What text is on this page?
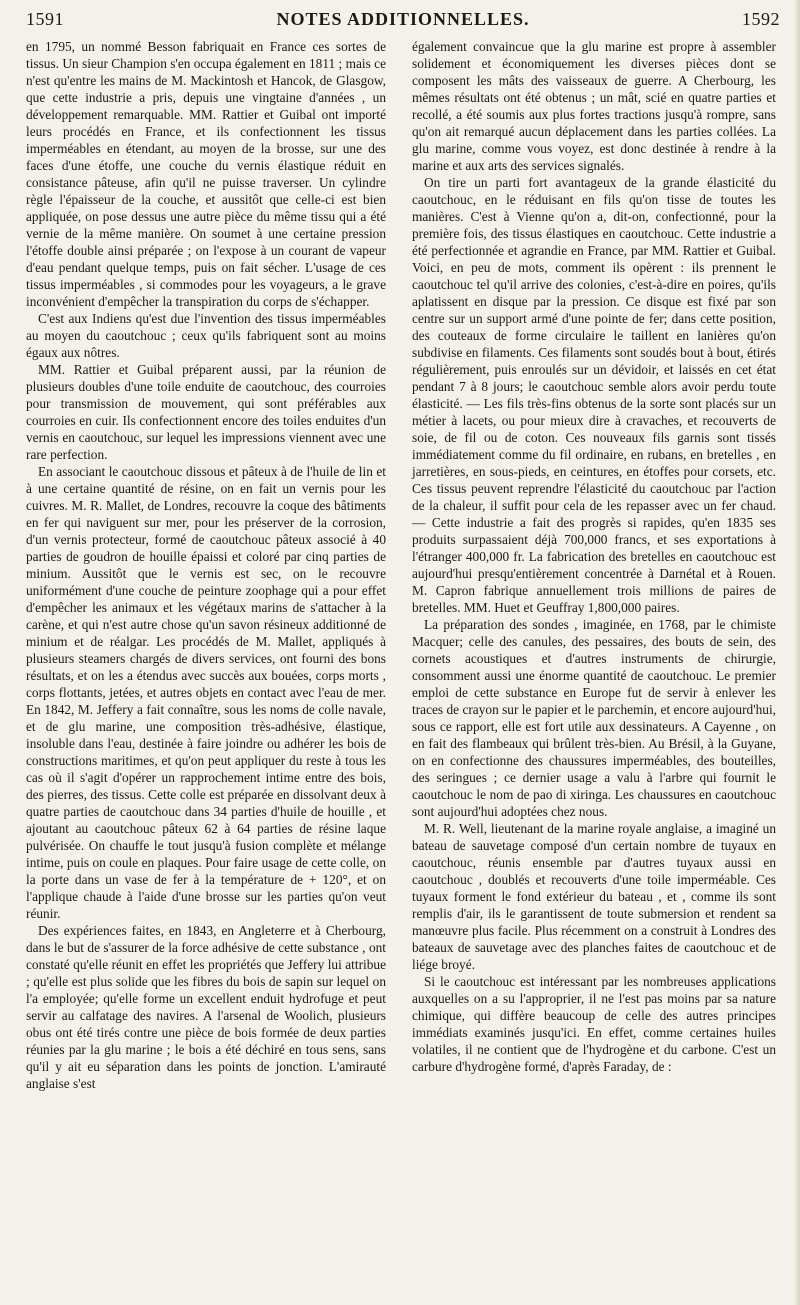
1591	NOTES ADDITIONNELLES.	1592

en 1795, un nommé Besson fabriquait en France ces sortes de tissus. Un sieur Champion s'en occupa également en 1811 ; mais ce n'est qu'entre les mains de M. Mackintosh et Hancok, de Glasgow, que cette industrie a pris, depuis une vingtaine d'années , un développement remarquable. MM. Rattier et Guibal ont importé leurs procédés en France, et ils confectionnent les tissus imperméables en étendant, au moyen de la brosse, sur une des faces d'une étoffe, une couche du vernis élastique réduit en consistance pâteuse, afin qu'il ne puisse traverser. Un cylindre règle l'épaisseur de la couche, et aussitôt que celle-ci est bien appliquée, on pose dessus une autre pièce du même tissu qui a été vernie de la même manière. On soumet à une certaine pression l'étoffe double ainsi préparée ; on l'expose à un courant de vapeur d'eau pendant quelque temps, puis on fait sécher. L'usage de ces tissus imperméables , si commodes pour les voyageurs, a le grave inconvénient d'empêcher la transpiration du corps de s'échapper.

C'est aux Indiens qu'est due l'invention des tissus imperméables au moyen du caoutchouc ; ceux qu'ils fabriquent sont au moins égaux aux nôtres.

MM. Rattier et Guibal préparent aussi, par la réunion de plusieurs doubles d'une toile enduite de caoutchouc, des courroies pour transmission de mouvement, qui sont préférables aux courroies en cuir. Ils confectionnent encore des toiles enduites d'un vernis en caoutchouc, sur lequel les impressions viennent avec une rare perfection.

En associant le caoutchouc dissous et pâteux à de l'huile de lin et à une certaine quantité de résine, on en fait un vernis pour les cuivres. M. R. Mallet, de Londres, recouvre la coque des bâtiments en fer qui naviguent sur mer, pour les préserver de la corrosion, d'un vernis protecteur, formé de caoutchouc pâteux associé à 40 parties de goudron de houille épaissi et coloré par cinq parties de minium. Aussitôt que le vernis est sec, on le recouvre uniformément d'une couche de peinture zoophage qui a pour effet d'empêcher les animaux et les végétaux marins de s'attacher à la carène, et qui n'est autre chose qu'un savon résineux additionné de minium et de réalgar. Les procédés de M. Mallet, appliqués à plusieurs steamers chargés de divers services, ont fourni des bons résultats, et on les a étendus avec succès aux bouées, corps morts , corps flottants, jetées, et autres objets en contact avec l'eau de mer. En 1842, M. Jeffery a fait connaître, sous les noms de colle navale, et de glu marine, une composition très-adhésive, élastique, insoluble dans l'eau, destinée à faire joindre ou adhérer les bois de constructions maritimes, et qu'on peut appliquer du reste à tous les cas où il s'agit d'opérer un rapprochement intime entre des bois, des pierres, des tissus. Cette colle est préparée en dissolvant deux à quatre parties de caoutchouc dans 34 parties d'huile de houille , et ajoutant au caoutchouc pâteux 62 à 64 parties de résine laque pulvérisée. On chauffe le tout jusqu'à fusion complète et mélange intime, puis on coule en plaques. Pour faire usage de cette colle, on la porte dans un vase de fer à la température de + 120°, et on l'applique chaude à l'aide d'une brosse sur les parties qu'on veut réunir.

Des expériences faites, en 1843, en Angleterre et à Cherbourg, dans le but de s'assurer de la force adhésive de cette substance , ont constaté qu'elle réunit en effet les propriétés que Jeffery lui attribue ; qu'elle est plus solide que les fibres du bois de sapin sur lequel on l'a employée; qu'elle forme un excellent enduit hydrofuge et peut servir au calfatage des navires. A l'arsenal de Woolich, plusieurs obus ont été tirés contre une pièce de bois formée de deux parties réunies par la glu marine ; le bois a été déchiré en tous sens, sans qu'il y ait eu séparation dans les points de jonction. L'amirauté anglaise s'est

également convaincue que la glu marine est propre à assembler solidement et économiquement les diverses pièces dont se composent les mâts des vaisseaux de guerre. A Cherbourg, les mêmes résultats ont été obtenus ; un mât, scié en quatre parties et recollé, a été soumis aux plus fortes tractions jusqu'à rompre, sans qu'on ait remarqué aucun déplacement dans les parties collées. La glu marine, comme vous voyez, est donc destinée à rendre à la marine et aux arts des services signalés.

On tire un parti fort avantageux de la grande élasticité du caoutchouc, en le réduisant en fils qu'on tisse de toutes les manières. C'est à Vienne qu'on a, dit-on, confectionné, pour la première fois, des tissus élastiques en caoutchouc. Cette industrie a été perfectionnée et agrandie en France, par MM. Rattier et Guibal. Voici, en peu de mots, comment ils opèrent : ils prennent le caoutchouc tel qu'il arrive des colonies, c'est-à-dire en poires, qu'ils aplatissent en disque par la pression. Ce disque est fixé par son centre sur un support armé d'une pointe de fer; dans cette position, des couteaux de forme circulaire le taillent en lanières qu'on subdivise en filaments. Ces filaments sont soudés bout à bout, étirés régulièrement, puis enroulés sur un dévidoir, et laissés en cet état pendant 7 à 8 jours; le caoutchouc semble alors avoir perdu toute élasticité. — Les fils très-fins obtenus de la sorte sont placés sur un métier à lacets, ou pour mieux dire à cravaches, et recouverts de soie, de fil ou de coton. Ces nouveaux fils garnis sont tissés immédiatement comme du fil ordinaire, en rubans, en bretelles , en jarretières, en sous-pieds, en ceintures, en étoffes pour corsets, etc. Ces tissus peuvent reprendre l'élasticité du caoutchouc par l'action de la chaleur, il suffit pour cela de les repasser avec un fer chaud. — Cette industrie a fait des progrès si rapides, qu'en 1835 ses produits surpassaient déjà 700,000 francs, et ses exportations à l'étranger 400,000 fr. La fabrication des bretelles en caoutchouc est aujourd'hui presqu'entièrement concentrée à Darnétal et à Rouen. M. Capron fabrique annuellement trois millions de paires de bretelles. MM. Huet et Geuffray 1,800,000 paires.

La préparation des sondes , imaginée, en 1768, par le chimiste Macquer; celle des canules, des pessaires, des bouts de sein, des cornets acoustiques et d'autres instruments de chirurgie, consomment aussi une énorme quantité de caoutchouc. Le premier emploi de cette substance en Europe fut de servir à enlever les traces de crayon sur le papier et le parchemin, et encore aujourd'hui, sous ce rapport, elle est fort utile aux dessinateurs. A Cayenne , on en fait des flambeaux qui brûlent très-bien. Au Brésil, à la Guyane, on en confectionne des chaussures imperméables, des bouteilles, des seringues ; ce dernier usage a valu à l'arbre qui fournit le caoutchouc le nom de pao di xiringa. Les chaussures en caoutchouc sont aujourd'hui adoptées chez nous.

M. R. Well, lieutenant de la marine royale anglaise, a imaginé un bateau de sauvetage composé d'un certain nombre de tuyaux en caoutchouc, réunis ensemble par d'autres tuyaux aussi en caoutchouc , doublés et recouverts d'une toile imperméable. Ces tuyaux forment le fond extérieur du bateau , et , comme ils sont remplis d'air, ils le garantissent de toute submersion et rendent sa manœuvre plus facile. Plus récemment on a construit à Londres des bateaux de sauvetage avec des planches faites de caoutchouc et de liége broyé.

Si le caoutchouc est intéressant par les nombreuses applications auxquelles on a su l'approprier, il ne l'est pas moins par sa nature chimique, qui diffère beaucoup de celle des autres principes immédiats examinés jusqu'ici. En effet, comme certaines huiles volatiles, il ne contient que de l'hydrogène et du carbone. C'est un carbure d'hydrogène formé, d'après Faraday, de :
